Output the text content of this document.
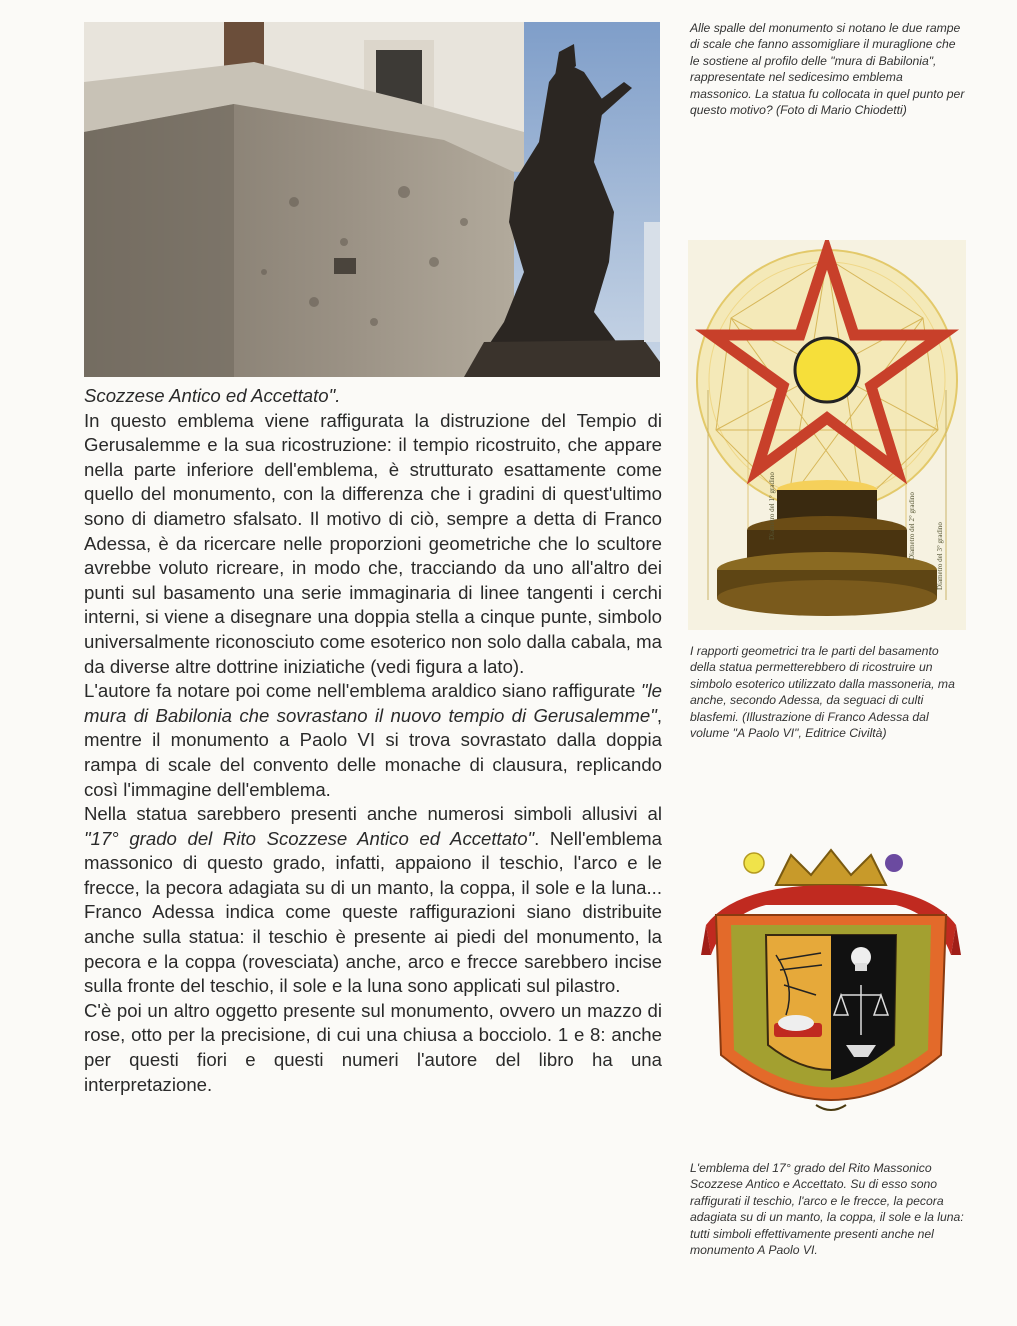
Alle spalle del monumento si notano le due rampe di scale che fanno assomigliare il muraglione che le sostiene al profilo delle "mura di Babilonia", rappresentate nel sedicesimo emblema massonico. La statua fu collocata in quel punto per questo motivo? (Foto di Mario Chiodetti)
Diametro del 1° gradino	Diametro del 2° gradino	Diametro del 3° gradino
I rapporti geometrici tra le parti del basamento della statua permetterebbero di ricostruire un simbolo esoterico utilizzato dalla massoneria, ma anche, secondo Adessa, da seguaci di culti blasfemi. (Illustrazione di Franco Adessa dal volume "A Paolo VI", Editrice Civiltà)
L'emblema del 17° grado del Rito Massonico Scozzese Antico e Accettato. Su di esso sono raffigurati il teschio, l'arco e le frecce, la pecora adagiata su di un manto, la coppa, il sole e la luna: tutti simboli effettivamente presenti anche nel monumento A Paolo VI.

Scozzese Antico ed Accettato".

In questo emblema viene raffigurata la distruzione del Tempio di Gerusalemme e la sua ricostruzione: il tempio ricostruito, che appare nella parte inferiore dell'emblema, è strutturato esattamente come quello del monumento, con la differenza che i gradini di quest'ultimo sono di diametro sfalsato. Il motivo di ciò, sempre a detta di Franco Adessa, è da ricercare nelle proporzioni geometriche che lo scultore avrebbe voluto ricreare, in modo che, tracciando da uno all'altro dei punti sul basamento una serie immaginaria di linee tangenti i cerchi interni, si viene a disegnare una doppia stella a cinque punte, simbolo universalmente riconosciuto come esoterico non solo dalla cabala, ma da diverse altre dottrine iniziatiche (vedi figura a lato).

L'autore fa notare poi come nell'emblema araldico siano raffigurate "le mura di Babilonia che sovrastano il nuovo tempio di Gerusalemme", mentre il monumento a Paolo VI si trova sovrastato dalla doppia rampa di scale del convento delle monache di clausura, replicando così l'immagine dell'emblema.

Nella statua sarebbero presenti anche numerosi simboli allusivi al "17° grado del Rito Scozzese Antico ed Accettato". Nell'emblema massonico di questo grado, infatti, appaiono il teschio, l'arco e le frecce, la pecora adagiata su di un manto, la coppa, il sole e la luna... Franco Adessa indica come queste raffigurazioni siano distribuite anche sulla statua: il teschio è presente ai piedi del monumento, la pecora e la coppa (rovesciata) anche, arco e frecce sarebbero incise sulla fronte del teschio, il sole e la luna sono applicati sul pilastro.

C'è poi un altro oggetto presente sul monumento, ovvero un mazzo di rose, otto per la precisione, di cui una chiusa a bocciolo. 1 e 8: anche per questi fiori e questi numeri l'autore del libro ha una interpretazione.
